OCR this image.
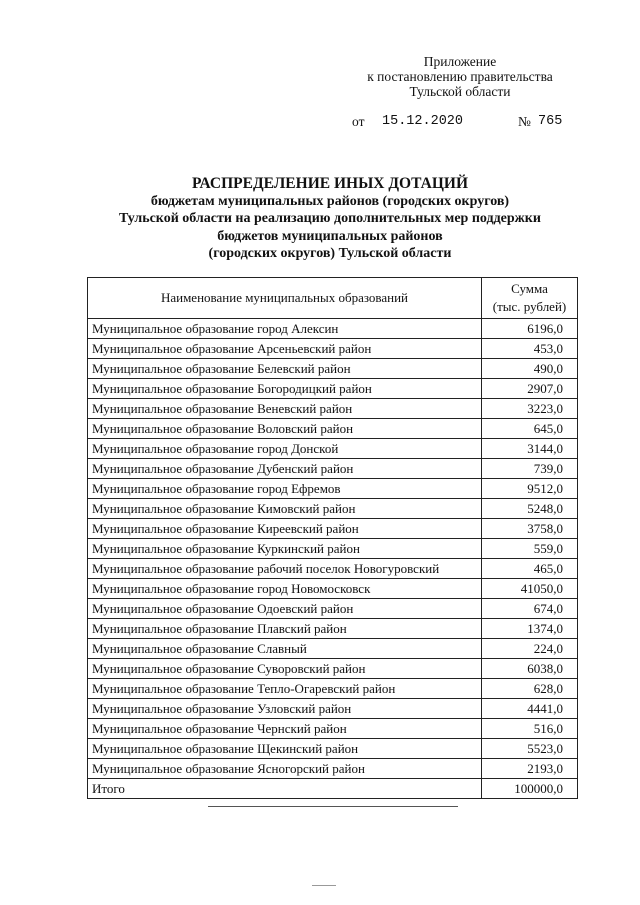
Приложение
к постановлению правительства
Тульской области
от 15.12.2020	№ 765
РАСПРЕДЕЛЕНИЕ ИНЫХ ДОТАЦИЙ
бюджетам муниципальных районов (городских округов)
Тульской области на реализацию дополнительных мер поддержки
бюджетов муниципальных районов
(городских округов) Тульской области
Наименование муниципальных образований	Сумма
(тыс. рублей)

Муниципальное образование город Алексин	6196,0
Муниципальное образование Арсеньевский район	453,0
Муниципальное образование Белевский район	490,0
Муниципальное образование Богородицкий район	2907,0
Муниципальное образование Веневский район	3223,0
Муниципальное образование Воловский район	645,0
Муниципальное образование город Донской	3144,0
Муниципальное образование Дубенский район	739,0
Муниципальное образование город Ефремов	9512,0
Муниципальное образование Кимовский район	5248,0
Муниципальное образование Киреевский район	3758,0
Муниципальное образование Куркинский район	559,0
Муниципальное образование рабочий поселок Новогуровский	465,0
Муниципальное образование город Новомосковск	41050,0
Муниципальное образование Одоевский район	674,0
Муниципальное образование Плавский район	1374,0
Муниципальное образование Славный	224,0
Муниципальное образование Суворовский район	6038,0
Муниципальное образование Тепло-Огаревский район	628,0
Муниципальное образование Узловский район	4441,0
Муниципальное образование Чернский район	516,0
Муниципальное образование Щекинский район	5523,0
Муниципальное образование Ясногорский район	2193,0
Итого	100000,0
